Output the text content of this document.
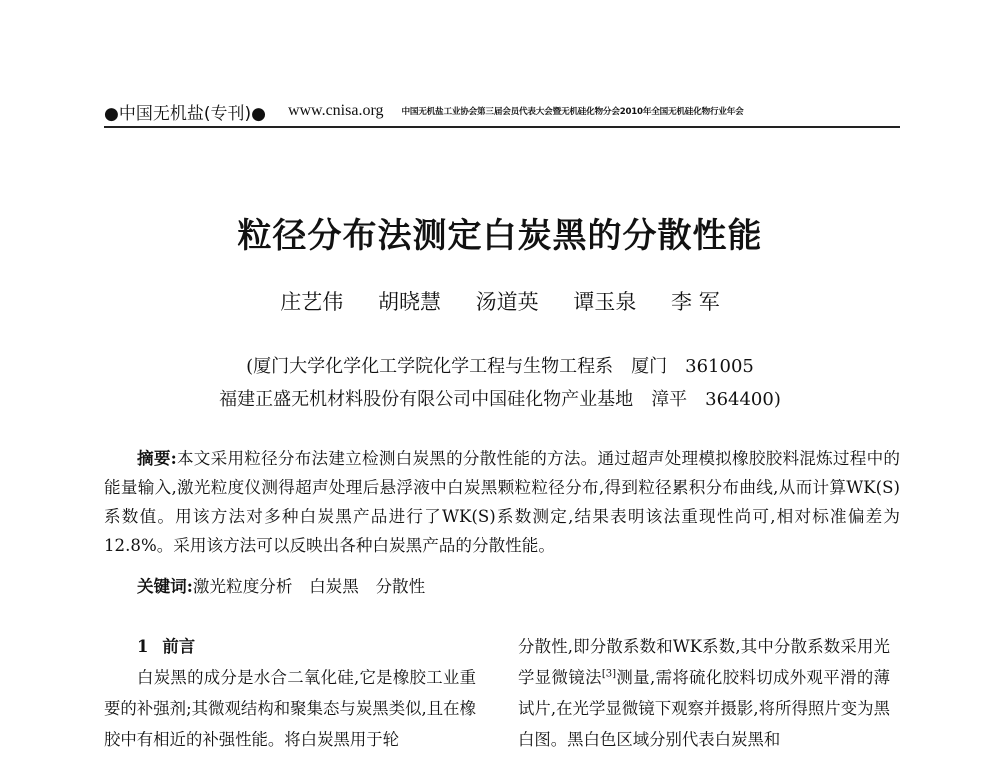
●中国无机盐(专刊)● www.cnisa.org 中国无机盐工业协会第三届会员代表大会暨无机硅化物分会2010年全国无机硅化物行业年会
粒径分布法测定白炭黑的分散性能
庄艺伟 胡晓慧 汤道英 谭玉泉 李 军
(厦门大学化学化工学院化学工程与生物工程系　厦门　361005
福建正盛无机材料股份有限公司中国硅化物产业基地　漳平　364400)
摘要:本文采用粒径分布法建立检测白炭黑的分散性能的方法。通过超声处理模拟橡胶胶料混炼过程中的能量输入,激光粒度仪测得超声处理后悬浮液中白炭黑颗粒粒径分布,得到粒径累积分布曲线,从而计算WK(S)系数值。用该方法对多种白炭黑产品进行了WK(S)系数测定,结果表明该法重现性尚可,相对标准偏差为12.8%。采用该方法可以反映出各种白炭黑产品的分散性能。
关键词:激光粒度分析　白炭黑　分散性
1 前言
白炭黑的成分是水合二氧化硅,它是橡胶工业重要的补强剂;其微观结构和聚集态与炭黑类似,且在橡胶中有相近的补强性能。将白炭黑用于轮
分散性,即分散系数和WK系数,其中分散系数采用光学显微镜法[3]测量,需将硫化胶料切成外观平滑的薄试片,在光学显微镜下观察并摄影,将所得照片变为黑白图。黑白色区域分别代表白炭黑和
